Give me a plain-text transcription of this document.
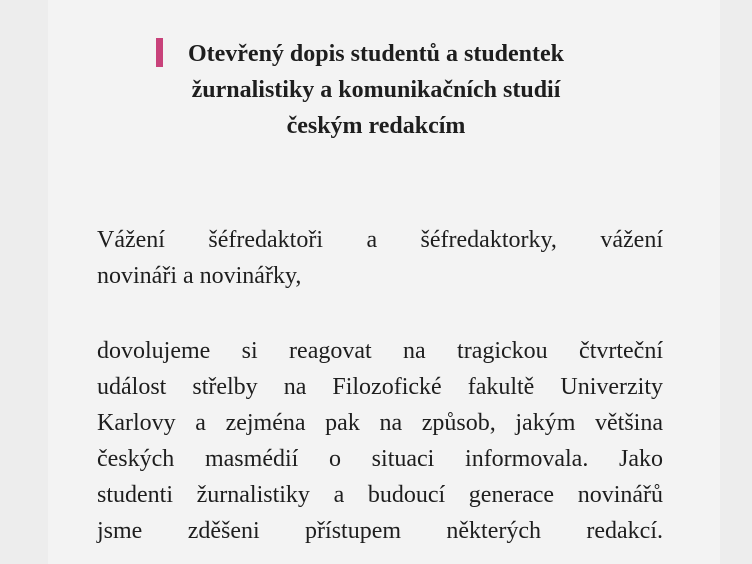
Otevřený dopis studentů a studentek
žurnalistiky a komunikačních studií
českým redakcím
Vážení šéfredaktoři a šéfredaktorky, vážení
novináři a novinářky,
dovolujeme si reagovat na tragickou čtvrteční
událost střelby na Filozofické fakultě Univerzity
Karlovy a zejména pak na způsob, jakým většina
českých masmédií o situaci informovala. Jako
studenti žurnalistiky a budoucí generace novinářů
jsme zděšeni přístupem některých redakcí.
